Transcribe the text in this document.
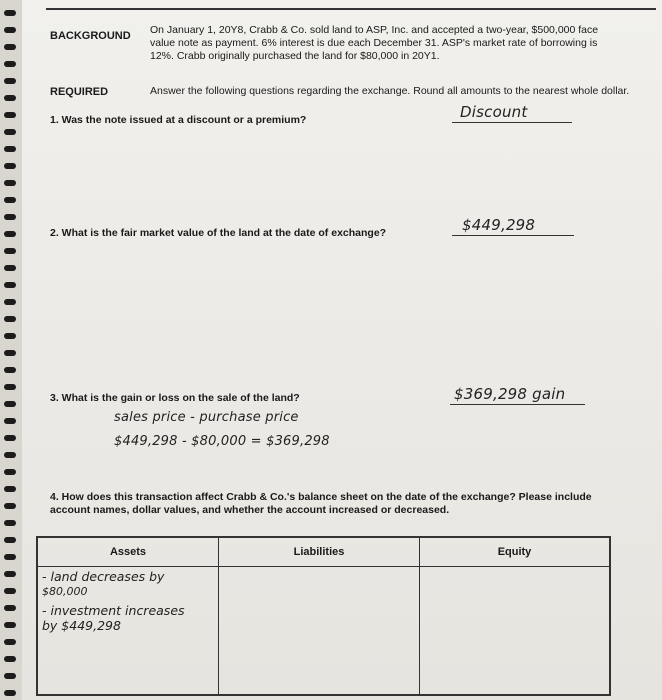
BACKGROUND On January 1, 20Y8, Crabb & Co. sold land to ASP, Inc. and accepted a two-year, $500,000 face value note as payment. 6% interest is due each December 31. ASP's market rate of borrowing is 12%. Crabb originally purchased the land for $80,000 in 20Y1.
REQUIRED	Answer the following questions regarding the exchange. Round all amounts to the nearest whole dollar.
1. Was the note issued at a discount or a premium?	Discount
2. What is the fair market value of the land at the date of exchange?	$449,298
3. What is the gain or loss on the sale of the land?	$369,298 gain
sales price - purchase price
$449,298 - $80,000 = $369,298
4. How does this transaction affect Crabb & Co.'s balance sheet on the date of the exchange? Please include account names, dollar values, and whether the account increased or decreased.
Assets	Liabilities	Equity

- land decreases by
$80,000
- investment increases
by $449,298		
